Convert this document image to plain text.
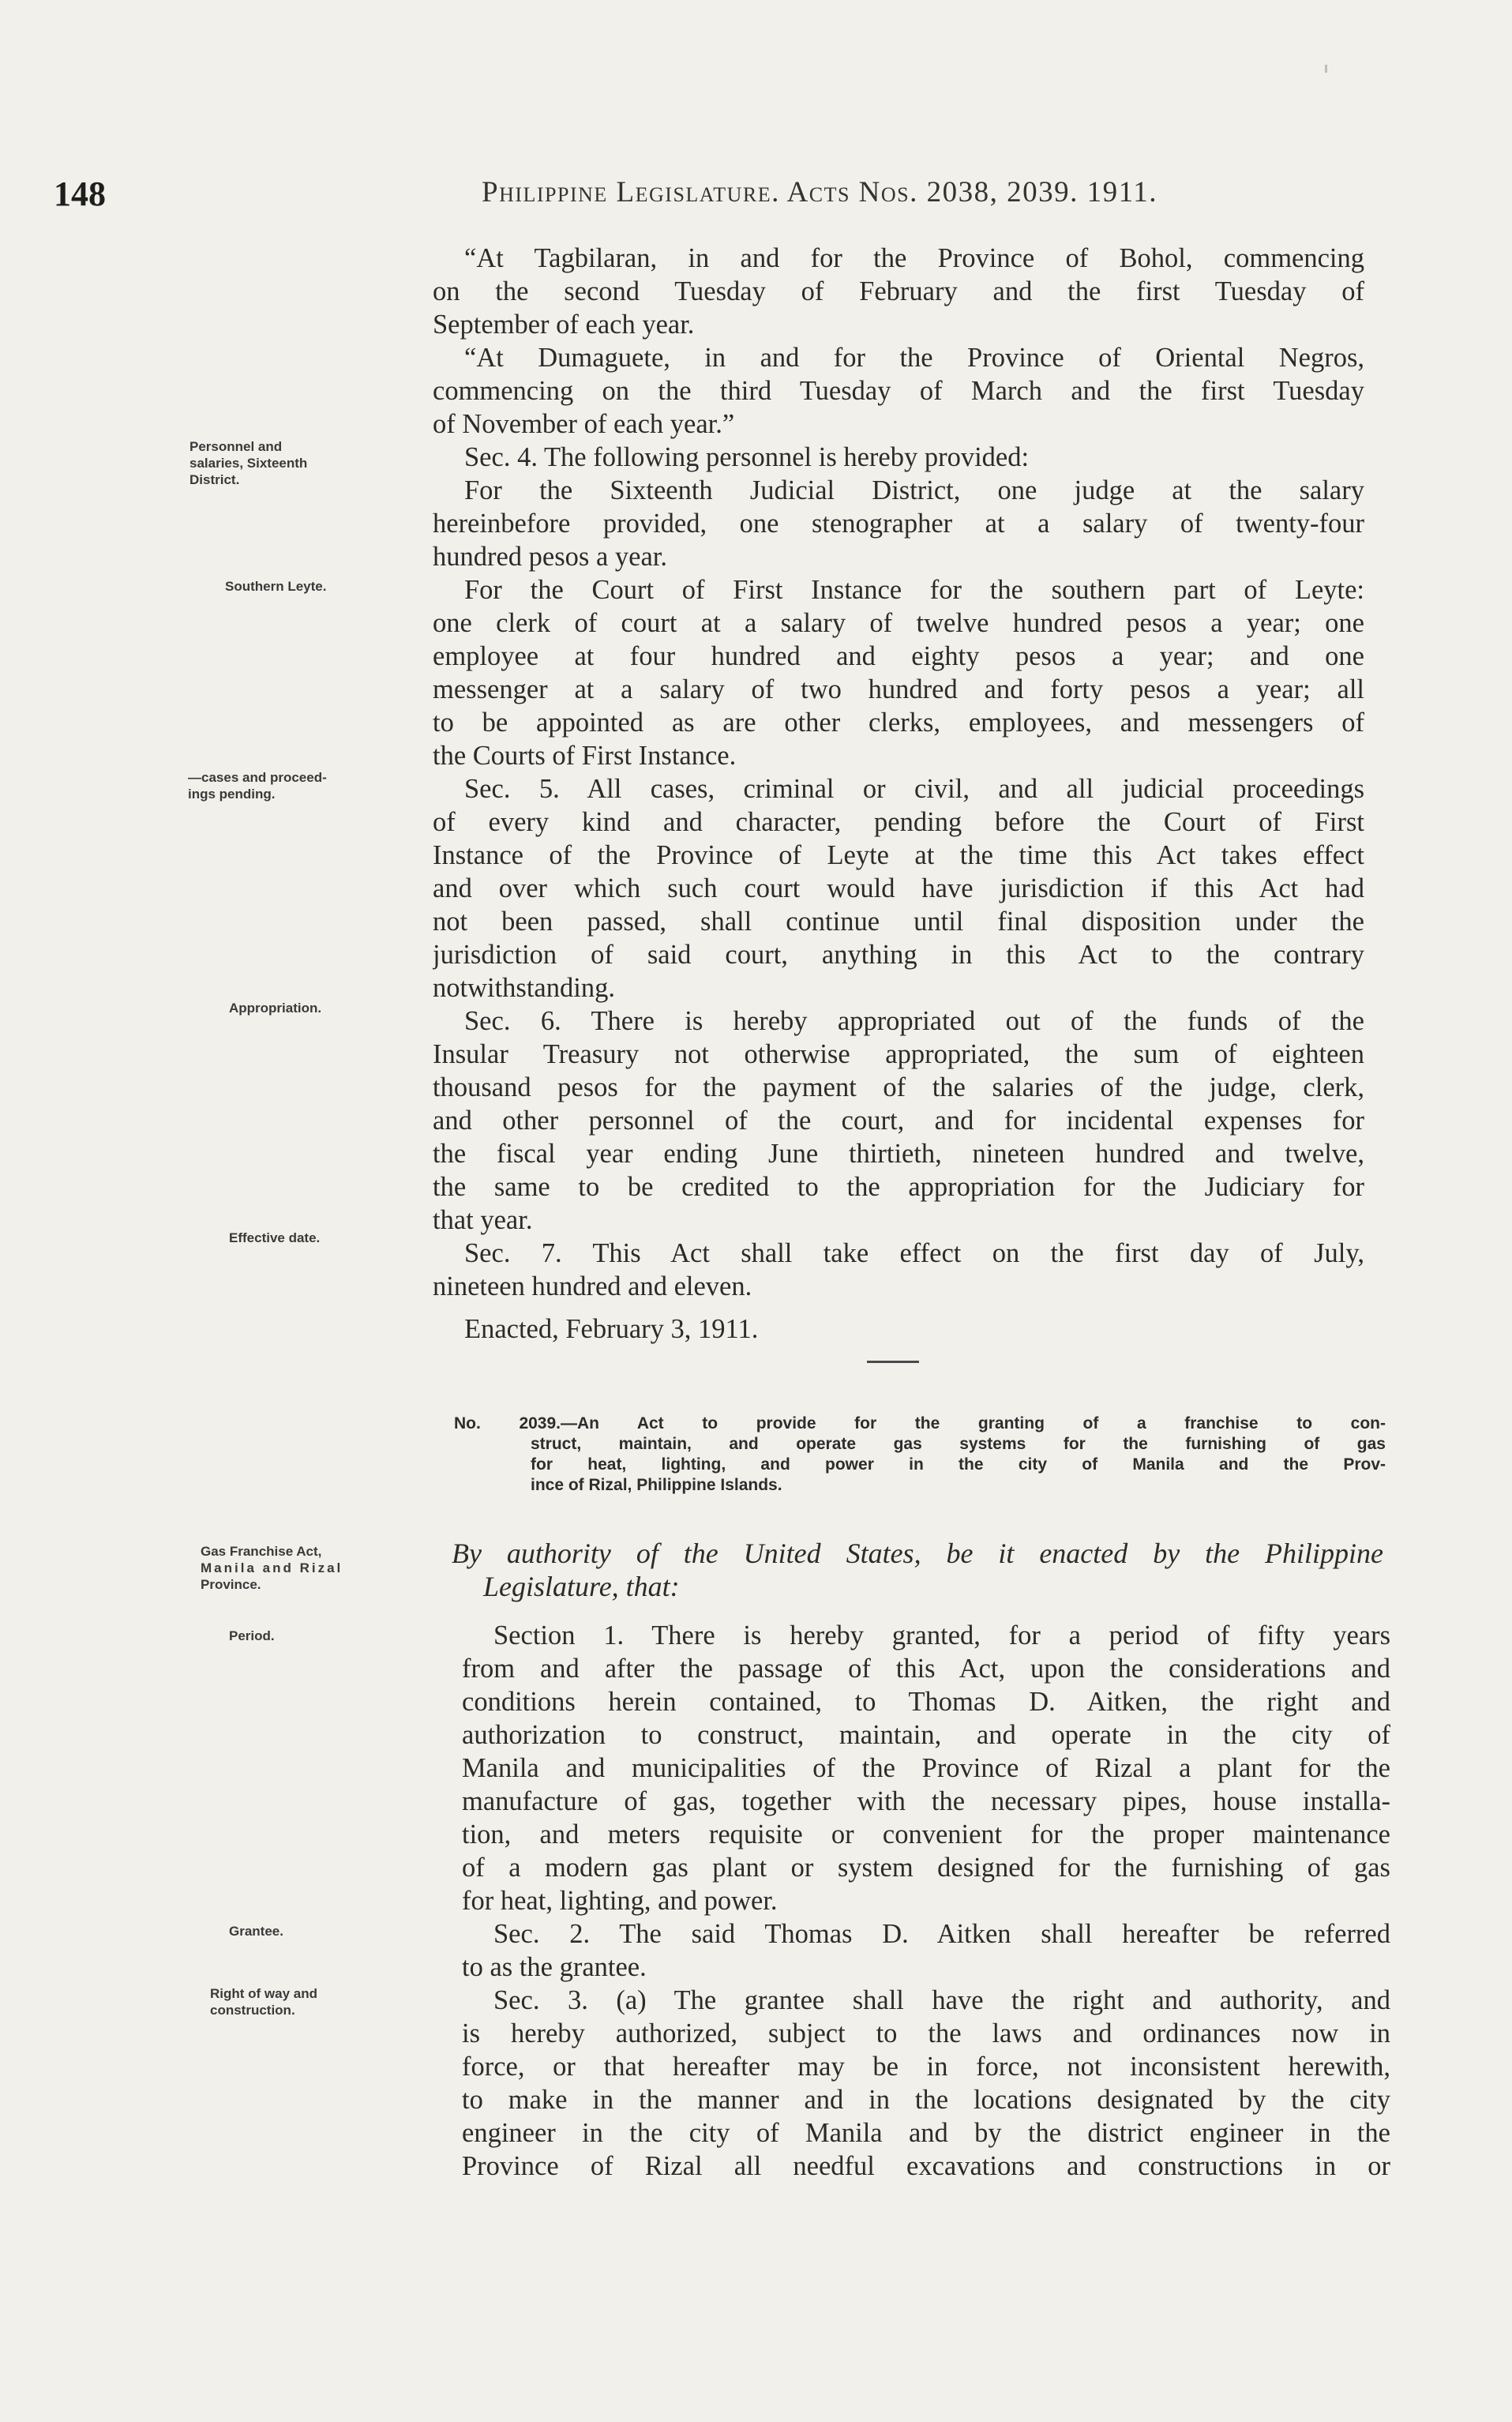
148	Philippine Legislature. Acts Nos. 2038, 2039. 1911.
Personnel and
salaries, Sixteenth
District.
Southern Leyte.
—cases and proceed-
ings pending.
Appropriation.
Effective date.
Gas Franchise Act,
Manila and Rizal
Province.
Period.
Grantee.
Right of way and
construction.
“At Tagbilaran, in and for the Province of Bohol, commencing
on the second Tuesday of February and the first Tuesday of
September of each year.
“At Dumaguete, in and for the Province of Oriental Negros,
commencing on the third Tuesday of March and the first Tuesday
of November of each year.”
Sec. 4. The following personnel is hereby provided:
For the Sixteenth Judicial District, one judge at the salary
hereinbefore provided, one stenographer at a salary of twenty-four
hundred pesos a year.
For the Court of First Instance for the southern part of Leyte:
one clerk of court at a salary of twelve hundred pesos a year; one
employee at four hundred and eighty pesos a year; and one
messenger at a salary of two hundred and forty pesos a year; all
to be appointed as are other clerks, employees, and messengers of
the Courts of First Instance.
Sec. 5. All cases, criminal or civil, and all judicial proceedings
of every kind and character, pending before the Court of First
Instance of the Province of Leyte at the time this Act takes effect
and over which such court would have jurisdiction if this Act had
not been passed, shall continue until final disposition under the
jurisdiction of said court, anything in this Act to the contrary
notwithstanding.
Sec. 6. There is hereby appropriated out of the funds of the
Insular Treasury not otherwise appropriated, the sum of eighteen
thousand pesos for the payment of the salaries of the judge, clerk,
and other personnel of the court, and for incidental expenses for
the fiscal year ending June thirtieth, nineteen hundred and twelve,
the same to be credited to the appropriation for the Judiciary for
that year.
Sec. 7. This Act shall take effect on the first day of July,
nineteen hundred and eleven.
Enacted, February 3, 1911.
No. 2039.—An Act to provide for the granting of a franchise to con-
struct, maintain, and operate gas systems for the furnishing of gas
for heat, lighting, and power in the city of Manila and the Prov-
ince of Rizal, Philippine Islands.
By authority of the United States, be it enacted by the Philippine
Legislature, that:
Section 1. There is hereby granted, for a period of fifty years
from and after the passage of this Act, upon the considerations and
conditions herein contained, to Thomas D. Aitken, the right and
authorization to construct, maintain, and operate in the city of
Manila and municipalities of the Province of Rizal a plant for the
manufacture of gas, together with the necessary pipes, house installa-
tion, and meters requisite or convenient for the proper maintenance
of a modern gas plant or system designed for the furnishing of gas
for heat, lighting, and power.
Sec. 2. The said Thomas D. Aitken shall hereafter be referred
to as the grantee.
Sec. 3. (a) The grantee shall have the right and authority, and
is hereby authorized, subject to the laws and ordinances now in
force, or that hereafter may be in force, not inconsistent herewith,
to make in the manner and in the locations designated by the city
engineer in the city of Manila and by the district engineer in the
Province of Rizal all needful excavations and constructions in or
